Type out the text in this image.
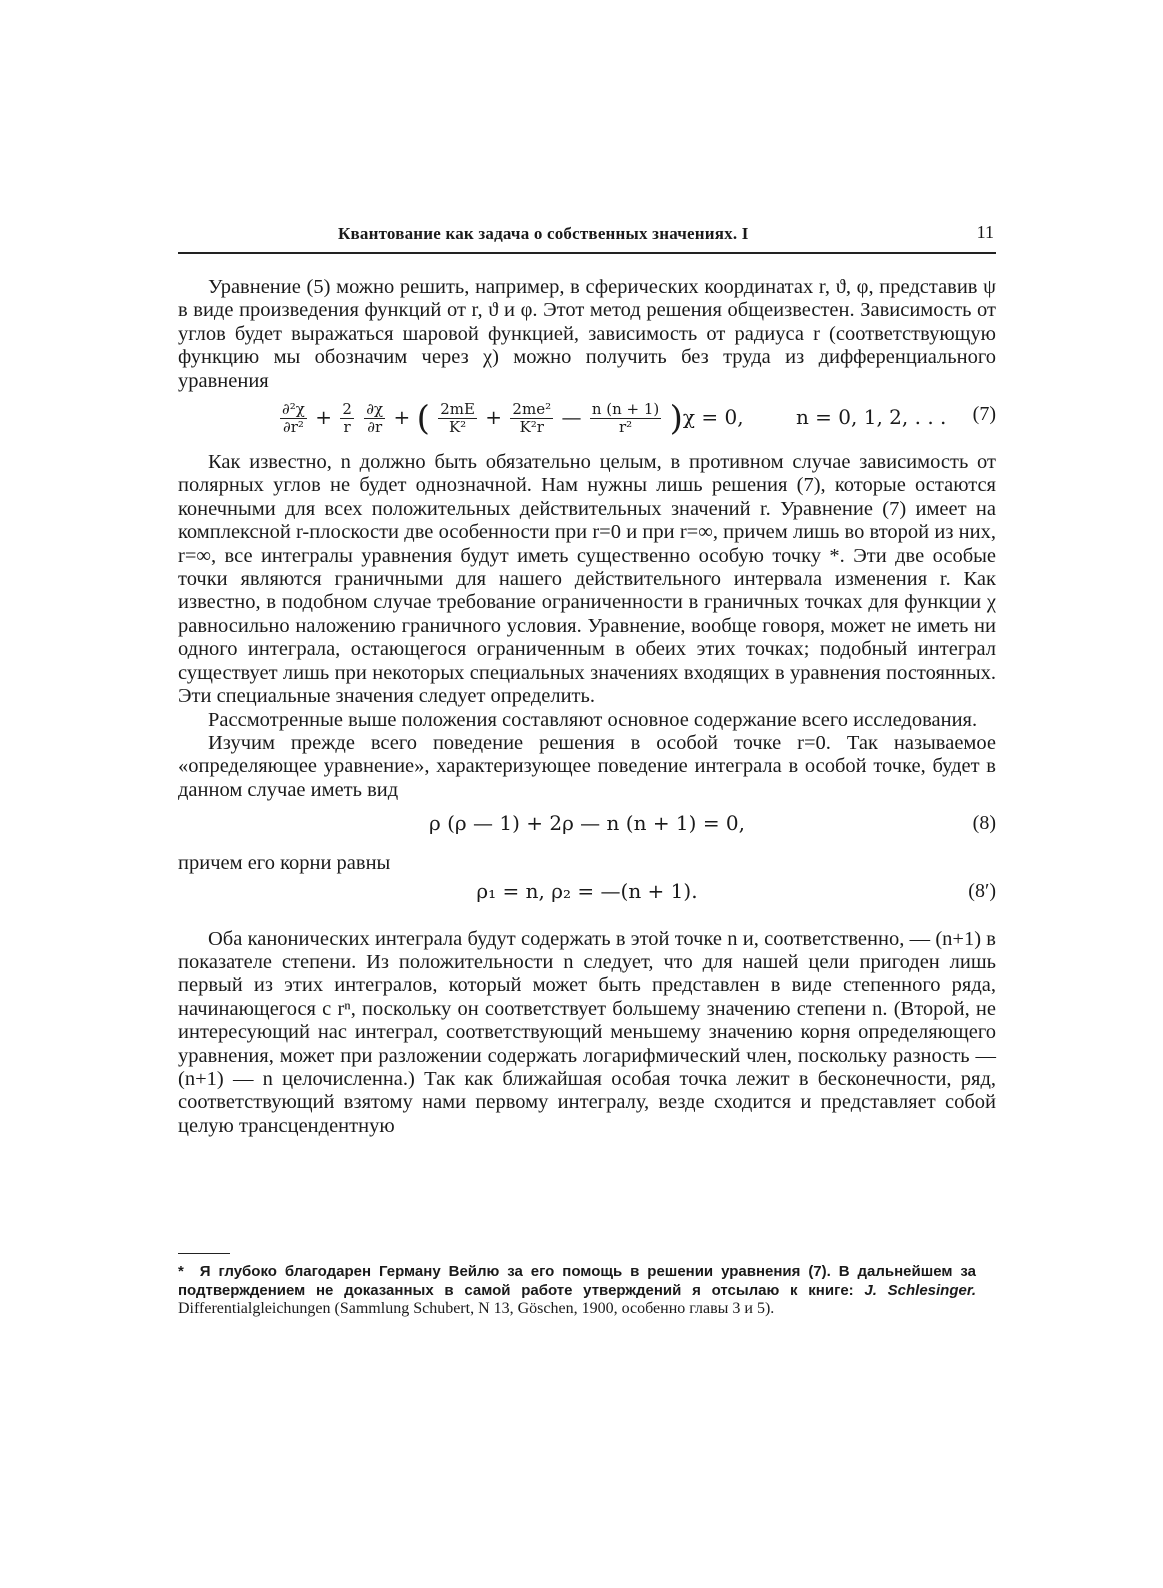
Квантование как задача о собственных значениях. I	11

Уравнение (5) можно решить, например, в сферических координатах r, ϑ, φ, представив ψ в виде произведения функций от r, ϑ и φ. Этот метод решения общеизвестен. Зависимость от углов будет выражаться шаровой функцией, зависимость от радиуса r (соответствующую функцию мы обозначим через χ) можно получить без труда из дифференциального уравнения

$\frac{\text{∂²χ}}{\text{∂r²}} + \frac{2}{r}$
$\frac{\partial\chi}{\partial r}$ + ( $\frac{2mE}{\text{K²}} + \frac{\text{2me²}}{\text{K²r}}$ — $\frac{n (n + 1)}{\text{r²}} )\chi = 0$,	n = 0, 1, 2, . . . (7)

Как известно, n должно быть обязательно целым, в противном случае зависимость от полярных углов не будет однозначной. Нам нужны лишь решения (7), которые остаются конечными для всех положительных действительных значений r. Уравнение (7) имеет на комплексной r-плоскости две особенности при r=0 и при r=∞, причем лишь во второй из них, r=∞, все интегралы уравнения будут иметь существенно особую точку *. Эти две особые точки являются граничными для нашего действительного интервала изменения r. Как известно, в подобном случае требование ограниченности в граничных точках для функции χ равносильно наложению граничного условия. Уравнение, вообще говоря, может не иметь ни одного интеграла, остающегося ограниченным в обеих этих точках; подобный интеграл существует лишь при некоторых специальных значениях входящих в уравнения постоянных. Эти специальные значения следует определить.

Рассмотренные выше положения составляют основное содержание всего исследования.

Изучим прежде всего поведение решения в особой точке r=0. Так называемое «определяющее уравнение», характеризующее поведение интеграла в особой точке, будет в данном случае иметь вид

ρ (ρ — 1) + 2ρ — n (n + 1) = 0,	(8)

причем его корни равны

ρ₁ = n, ρ₂ = —(n + 1).	(8′)

Оба канонических интеграла будут содержать в этой точке n и, соответственно, — (n+1) в показателе степени. Из положительности n следует, что для нашей цели пригоден лишь первый из этих интегралов, который может быть представлен в виде степенного ряда, начинающегося с rⁿ, поскольку он соответствует большему значению степени n. (Второй, не интересующий нас интеграл, соответствующий меньшему значению корня определяющего уравнения, может при разложении содержать логарифмический член, поскольку разность — (n+1) — n целочисленна.) Так как ближайшая особая точка лежит в бесконечности, ряд, соответствующий взятому нами первому интегралу, везде сходится и представляет собой целую трансцендентную

* Я глубоко благодарен Герману Вейлю за его помощь в решении уравнения (7). В дальнейшем за подтверждением не доказанных в самой работе утверждений я отсылаю к книге: J. Schlesinger. Differentialgleichungen (Sammlung Schubert, N 13, Göschen, 1900, особенно главы 3 и 5).
